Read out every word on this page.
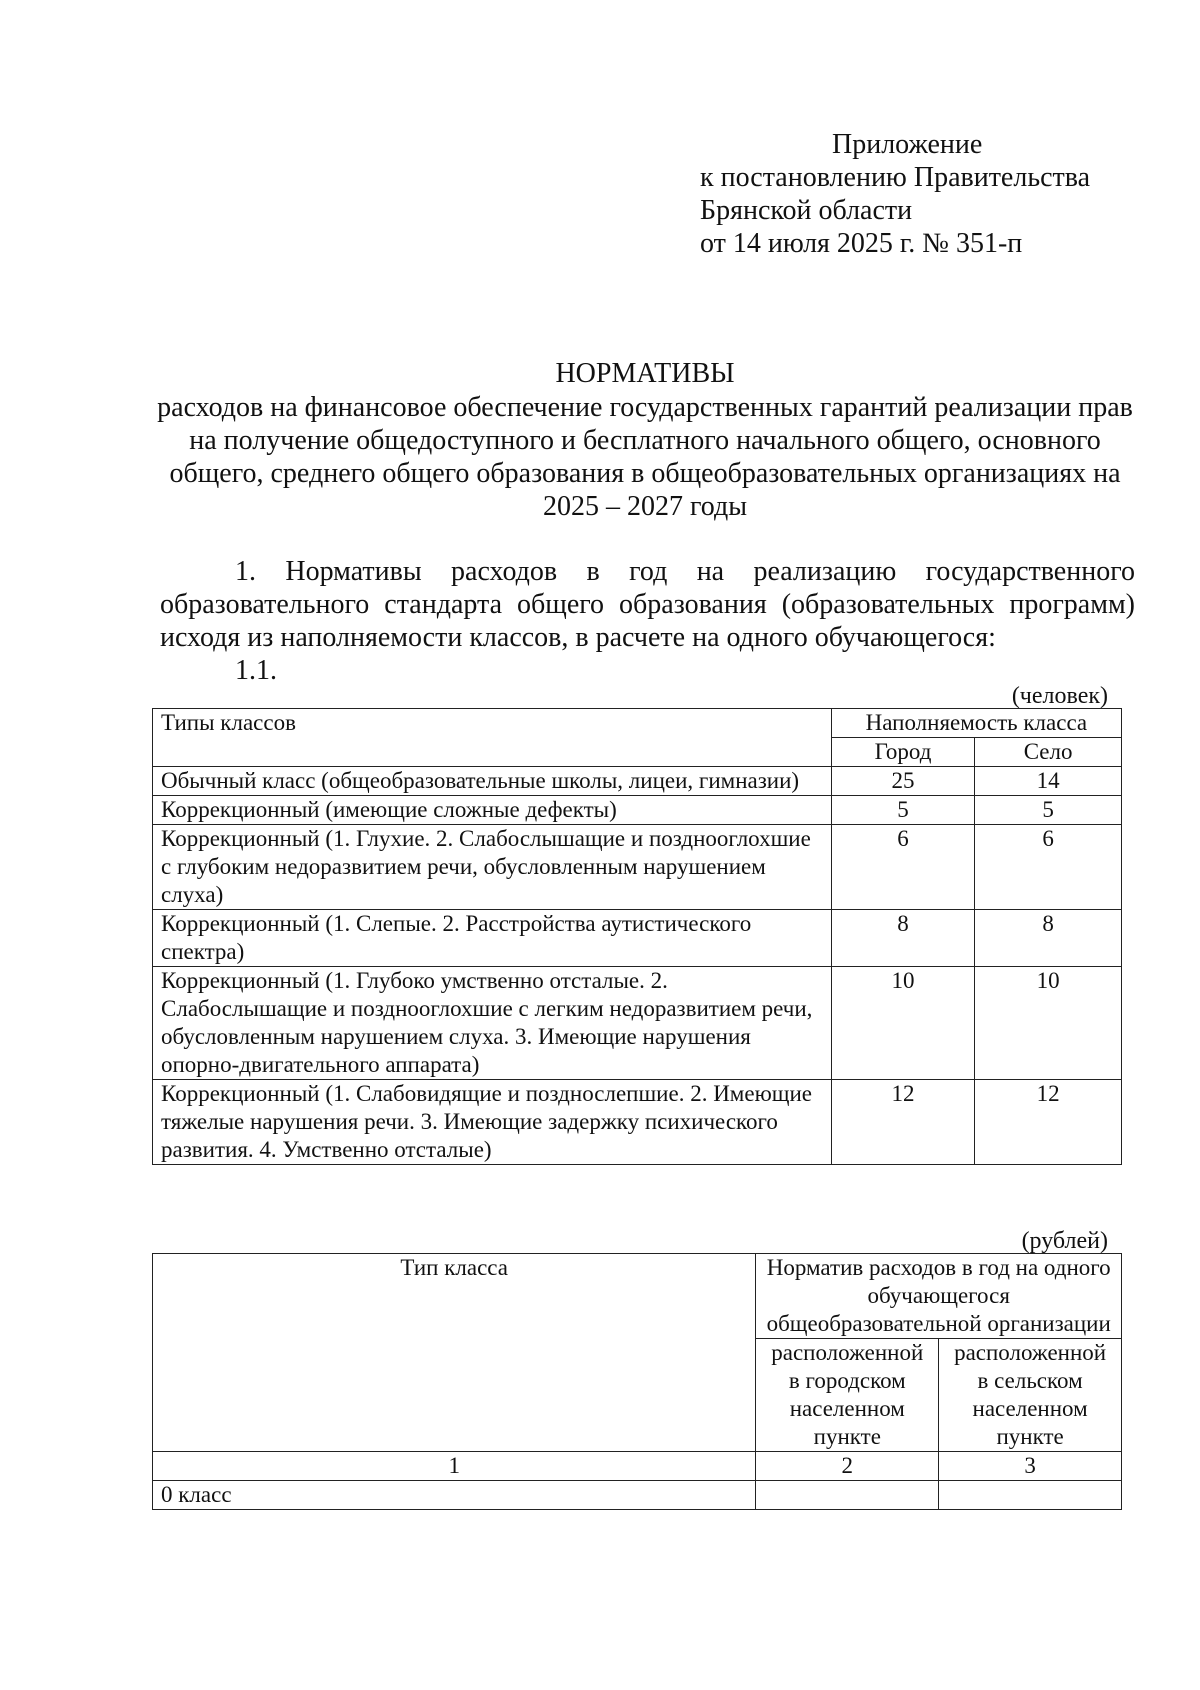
Приложение
к постановлению Правительства
Брянской области
от 14 июля 2025 г. № 351-п
НОРМАТИВЫ
расходов на финансовое обеспечение государственных гарантий реализации прав на получение общедоступного и бесплатного начального общего, основного общего, среднего общего образования в общеобразовательных организациях на 2025 – 2027 годы
1. Нормативы расходов в год на реализацию государственного образовательного стандарта общего образования (образовательных программ) исходя из наполняемости классов, в расчете на одного обучающегося:
1.1.
(человек)
Типы классов	Наполняемость класса	
	Город	Село
Обычный класс (общеобразовательные школы, лицеи, гимназии)	25	14
Коррекционный (имеющие сложные дефекты)	5	5
Коррекционный (1. Глухие. 2. Слабослышащие и позднооглохшие с глубоким недоразвитием речи, обусловленным нарушением слуха)	6	6
Коррекционный (1. Слепые. 2. Расстройства аутистического спектра)	8	8
Коррекционный (1. Глубоко умственно отсталые. 2. Слабослышащие и позднооглохшие с легким недоразвитием речи, обусловленным нарушением слуха. 3. Имеющие нарушения опорно-двигательного аппарата)	10	10
Коррекционный (1. Слабовидящие и позднослепшие. 2. Имеющие тяжелые нарушения речи. 3. Имеющие задержку психического развития. 4. Умственно отсталые)	12	12
(рублей)
Тип класса	Норматив расходов в год на одного обучающегося общеобразовательной организации	
	расположенной в городском населенном пункте	расположенной в сельском населенном пункте
1	2	3
0 класс		
